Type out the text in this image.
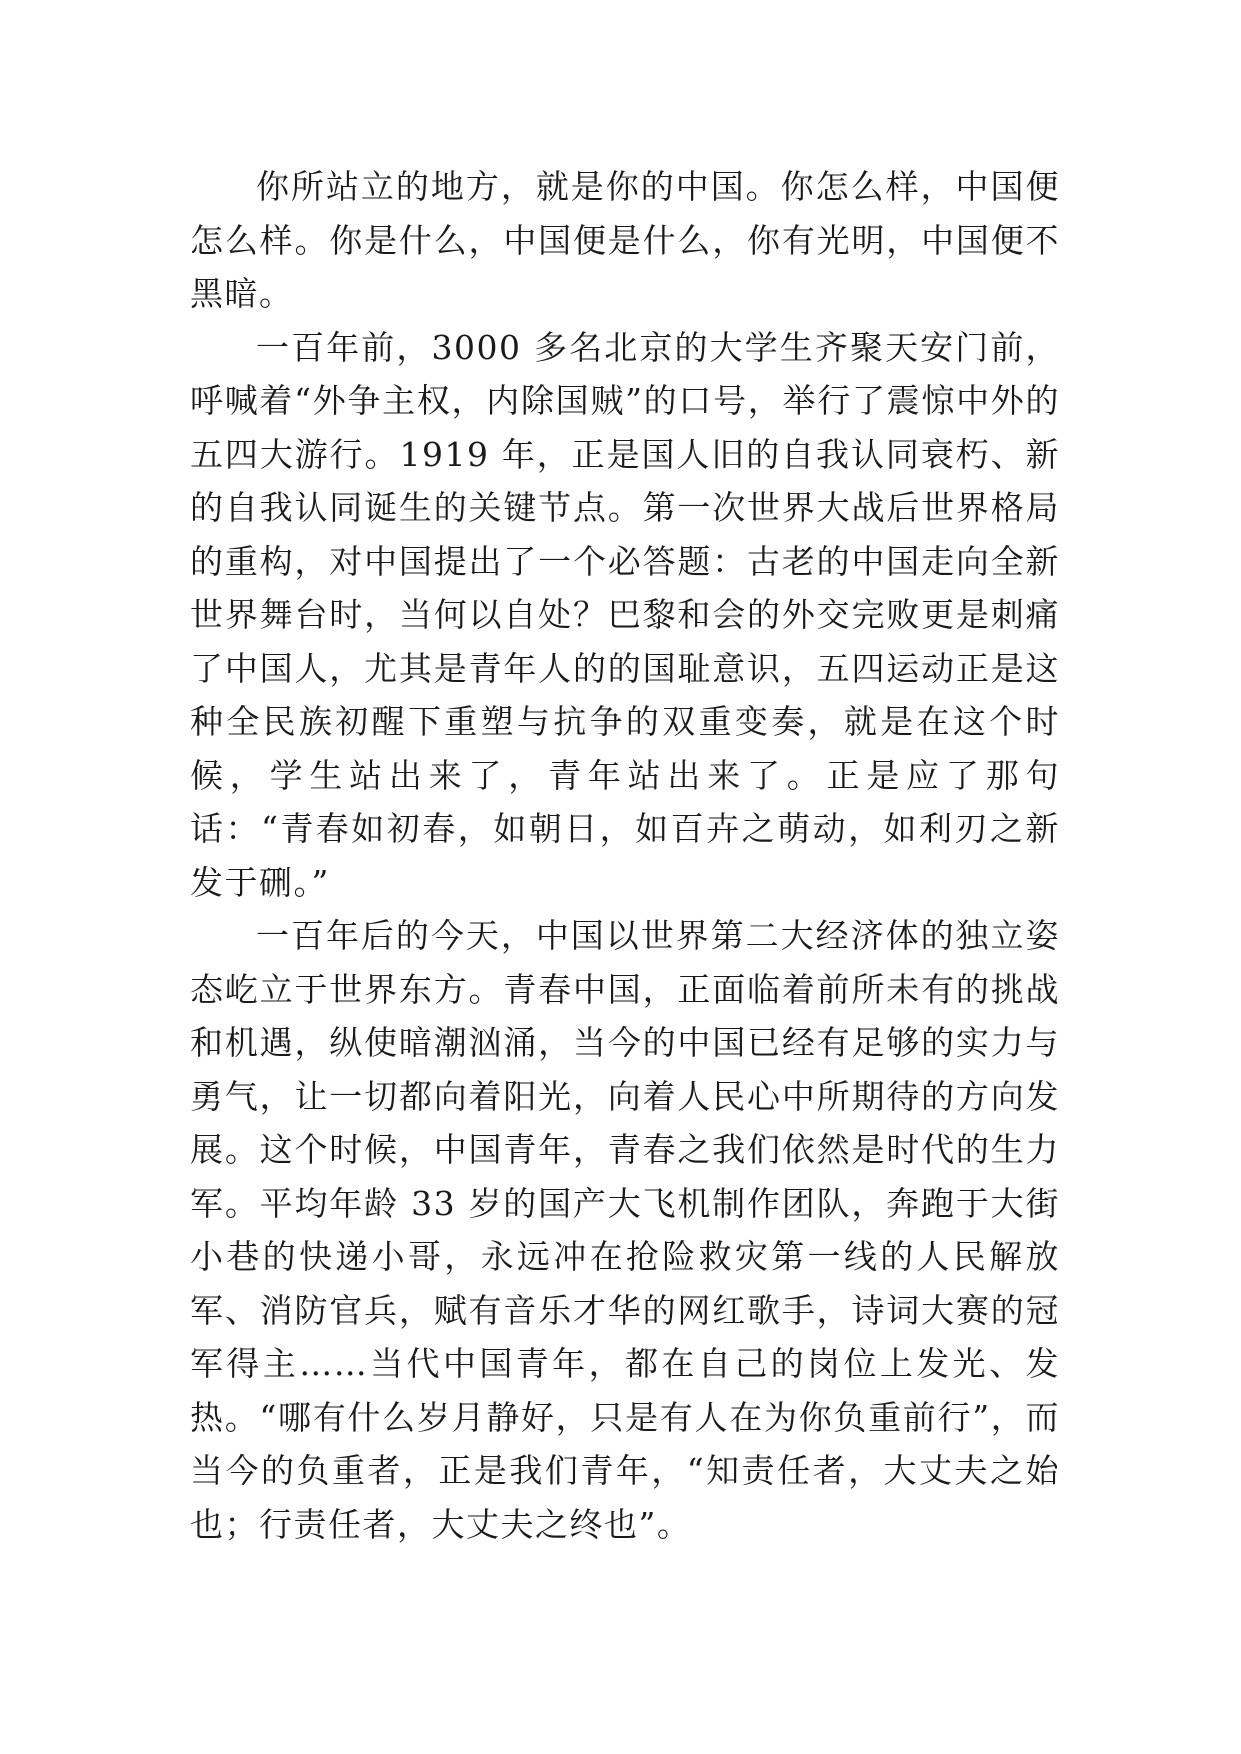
你所站立的地方，就是你的中国。你怎么样，中国便怎么样。你是什么，中国便是什么，你有光明，中国便不黑暗。

一百年前，3000 多名北京的大学生齐聚天安门前，呼喊着“外争主权，内除国贼”的口号，举行了震惊中外的五四大游行。1919 年，正是国人旧的自我认同衰朽、新的自我认同诞生的关键节点。第一次世界大战后世界格局的重构，对中国提出了一个必答题：古老的中国走向全新世界舞台时，当何以自处？巴黎和会的外交完败更是刺痛了中国人，尤其是青年人的的国耻意识，五四运动正是这种全民族初醒下重塑与抗争的双重变奏，就是在这个时候，学生站出来了，青年站出来了。正是应了那句话：“青春如初春，如朝日，如百卉之萌动，如利刃之新发于硎。”

一百年后的今天，中国以世界第二大经济体的独立姿态屹立于世界东方。青春中国，正面临着前所未有的挑战和机遇，纵使暗潮汹涌，当今的中国已经有足够的实力与勇气，让一切都向着阳光，向着人民心中所期待的方向发展。这个时候，中国青年，青春之我们依然是时代的生力军。平均年龄 33 岁的国产大飞机制作团队，奔跑于大街小巷的快递小哥，永远冲在抢险救灾第一线的人民解放军、消防官兵，赋有音乐才华的网红歌手，诗词大赛的冠军得主……当代中国青年，都在自己的岗位上发光、发热。“哪有什么岁月静好，只是有人在为你负重前行”，而当今的负重者，正是我们青年，“知责任者，大丈夫之始也；行责任者，大丈夫之终也”。
